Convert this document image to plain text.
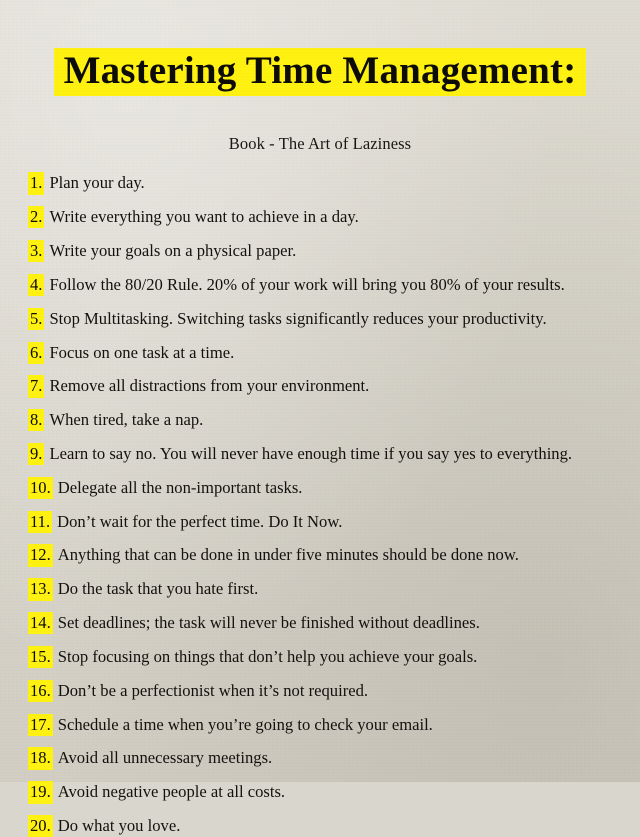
Mastering Time Management:
Book - The Art of Laziness
1. Plan your day.
2. Write everything you want to achieve in a day.
3. Write your goals on a physical paper.
4. Follow the 80/20 Rule. 20% of your work will bring you 80% of your results.
5. Stop Multitasking. Switching tasks significantly reduces your productivity.
6. Focus on one task at a time.
7. Remove all distractions from your environment.
8. When tired, take a nap.
9. Learn to say no. You will never have enough time if you say yes to everything.
10. Delegate all the non-important tasks.
11. Don’t wait for the perfect time. Do It Now.
12. Anything that can be done in under five minutes should be done now.
13. Do the task that you hate first.
14. Set deadlines; the task will never be finished without deadlines.
15. Stop focusing on things that don’t help you achieve your goals.
16. Don’t be a perfectionist when it’s not required.
17. Schedule a time when you’re going to check your email.
18. Avoid all unnecessary meetings.
19. Avoid negative people at all costs.
20. Do what you love.
